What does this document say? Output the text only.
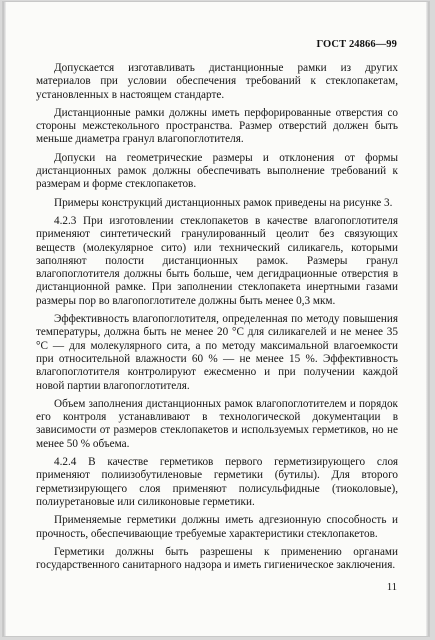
ГОСТ 24866—99

Допускается изготавливать дистанционные рамки из других материалов при условии обеспечения требований к стеклопакетам, установленных в настоящем стандарте.

Дистанционные рамки должны иметь перфорированные отверстия со стороны межстекольного пространства. Размер отверстий должен быть меньше диаметра гранул влагопоглотителя.

Допуски на геометрические размеры и отклонения от формы дистанционных рамок должны обеспечивать выполнение требований к размерам и форме стеклопакетов.

Примеры конструкций дистанционных рамок приведены на рисунке 3.

4.2.3 При изготовлении стеклопакетов в качестве влагопоглотителя применяют синтетический гранулированный цеолит без связующих веществ (молекулярное сито) или технический силикагель, которыми заполняют полости дистанционных рамок. Размеры гранул влагопоглотителя должны быть больше, чем дегидрационные отверстия в дистанционной рамке. При заполнении стеклопакета инертными газами размеры пор во влагопоглотителе должны быть менее 0,3 мкм.

Эффективность влагопоглотителя, определенная по методу повышения температуры, должна быть не менее 20 °С для силикагелей и не менее 35 °С — для молекулярного сита, а по методу максимальной влагоемкости при относительной влажности 60 % — не менее 15 %. Эффективность влагопоглотителя контролируют ежесменно и при получении каждой новой партии влагопоглотителя.

Объем заполнения дистанционных рамок влагопоглотителем и порядок его контроля устанавливают в технологической документации в зависимости от размеров стеклопакетов и используемых герметиков, но не менее 50 % объема.

4.2.4 В качестве герметиков первого герметизирующего слоя применяют полиизобутиленовые герметики (бутилы). Для второго герметизирующего слоя применяют полисульфидные (тиоколовые), полиуретановые или силиконовые герметики.

Применяемые герметики должны иметь адгезионную способность и прочность, обеспечивающие требуемые характеристики стеклопакетов.

Герметики должны быть разрешены к применению органами государственного санитарного надзора и иметь гигиеническое заключения.

11
